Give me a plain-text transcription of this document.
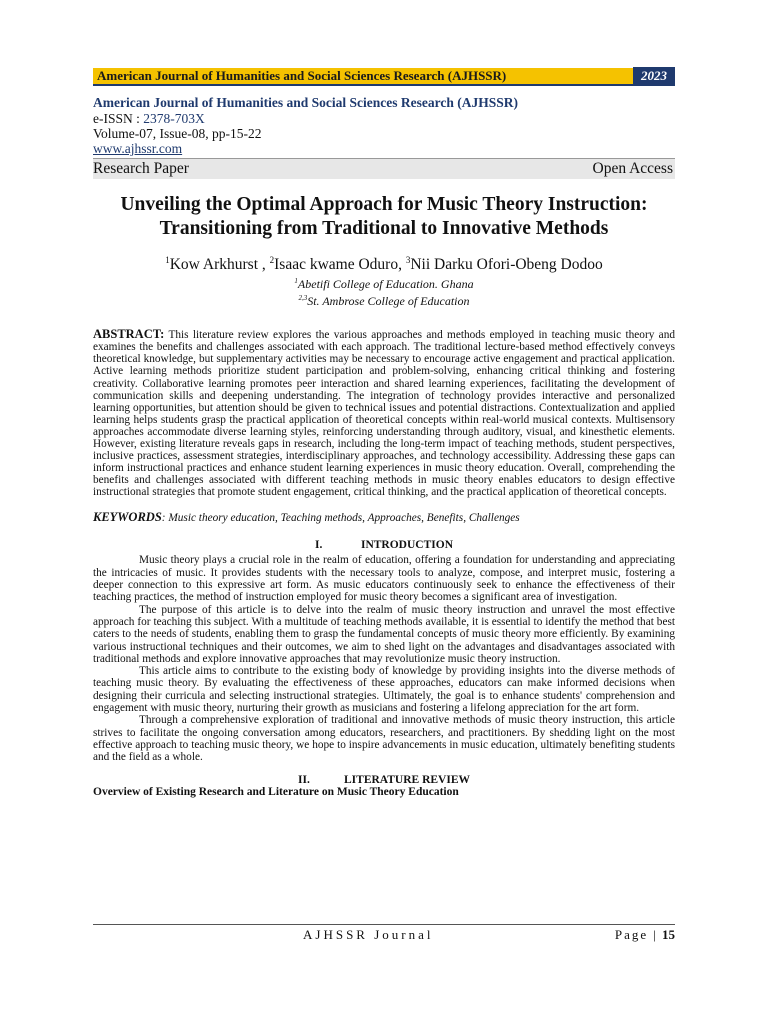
American Journal of Humanities and Social Sciences Research (AJHSSR)	2023
American Journal of Humanities and Social Sciences Research (AJHSSR)
e-ISSN : 2378-703X
Volume-07, Issue-08, pp-15-22
www.ajhssr.com
Research Paper	Open Access
Unveiling the Optimal Approach for Music Theory Instruction: Transitioning from Traditional to Innovative Methods
$^1$Kow Arkhurst , $^2$Isaac kwame Oduro, $^3$Nii Darku Ofori-Obeng Dodoo
$^1$Abetifi College of Education. Ghana
$^{2,3}$St. Ambrose College of Education
ABSTRACT: This literature review explores the various approaches and methods employed in teaching music theory and examines the benefits and challenges associated with each approach. The traditional lecture-based method effectively conveys theoretical knowledge, but supplementary activities may be necessary to encourage active engagement and practical application. Active learning methods prioritize student participation and problem-solving, enhancing critical thinking and fostering creativity. Collaborative learning promotes peer interaction and shared learning experiences, facilitating the development of communication skills and deepening understanding. The integration of technology provides interactive and personalized learning opportunities, but attention should be given to technical issues and potential distractions. Contextualization and applied learning helps students grasp the practical application of theoretical concepts within real-world musical contexts. Multisensory approaches accommodate diverse learning styles, reinforcing understanding through auditory, visual, and kinesthetic elements. However, existing literature reveals gaps in research, including the long-term impact of teaching methods, student perspectives, inclusive practices, assessment strategies, interdisciplinary approaches, and technology accessibility. Addressing these gaps can inform instructional practices and enhance student learning experiences in music theory education. Overall, comprehending the benefits and challenges associated with different teaching methods in music theory enables educators to design effective instructional strategies that promote student engagement, critical thinking, and the practical application of theoretical concepts.
KEYWORDS: Music theory education, Teaching methods, Approaches, Benefits, Challenges
I.	INTRODUCTION

Music theory plays a crucial role in the realm of education, offering a foundation for understanding and appreciating the intricacies of music. It provides students with the necessary tools to analyze, compose, and interpret music, fostering a deeper connection to this expressive art form. As music educators continuously seek to enhance the effectiveness of their teaching practices, the method of instruction employed for music theory becomes a significant area of investigation.

The purpose of this article is to delve into the realm of music theory instruction and unravel the most effective approach for teaching this subject. With a multitude of teaching methods available, it is essential to identify the method that best caters to the needs of students, enabling them to grasp the fundamental concepts of music theory more efficiently. By examining various instructional techniques and their outcomes, we aim to shed light on the advantages and disadvantages associated with traditional methods and explore innovative approaches that may revolutionize music theory instruction.

This article aims to contribute to the existing body of knowledge by providing insights into the diverse methods of teaching music theory. By evaluating the effectiveness of these approaches, educators can make informed decisions when designing their curricula and selecting instructional strategies. Ultimately, the goal is to enhance students' comprehension and engagement with music theory, nurturing their growth as musicians and fostering a lifelong appreciation for the art form.

Through a comprehensive exploration of traditional and innovative methods of music theory instruction, this article strives to facilitate the ongoing conversation among educators, researchers, and practitioners. By shedding light on the most effective approach to teaching music theory, we hope to inspire advancements in music education, ultimately benefiting students and the field as a whole.

II.	LITERATURE REVIEW
Overview of Existing Research and Literature on Music Theory Education
AJHSSR Journal	Page | 15
